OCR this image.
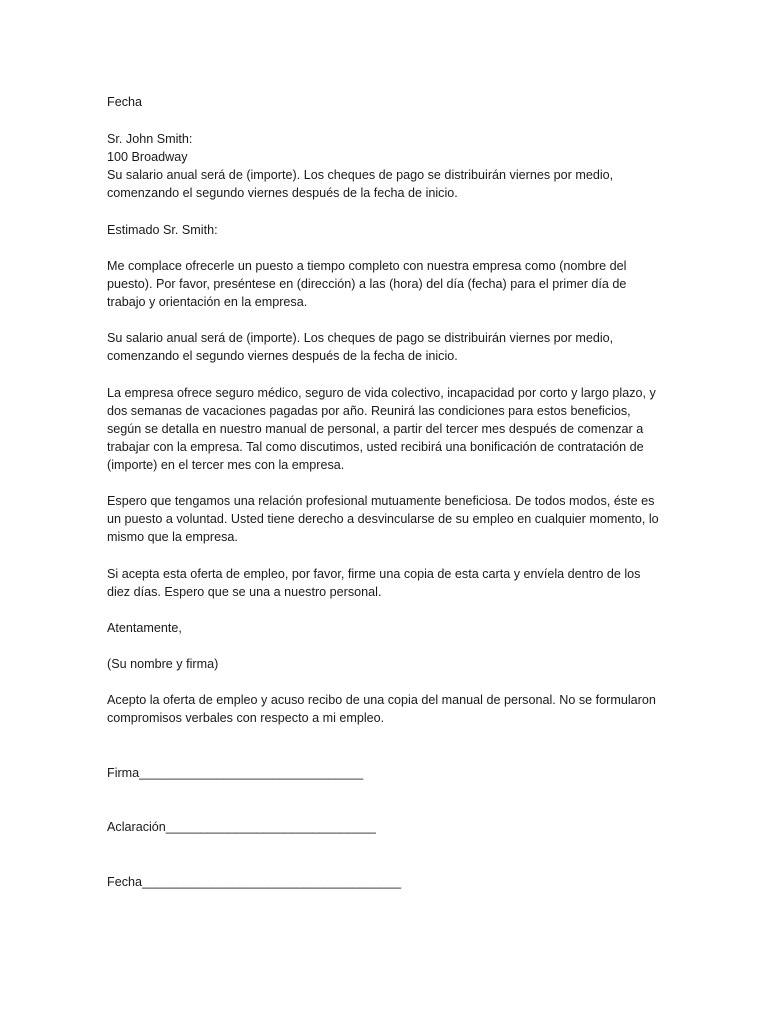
Fecha
Sr. John Smith:
100 Broadway
Su salario anual será de (importe). Los cheques de pago se distribuirán viernes por medio,
comenzando el segundo viernes después de la fecha de inicio.
Estimado Sr. Smith:
Me complace ofrecerle un puesto a tiempo completo con nuestra empresa como (nombre del
puesto). Por favor, preséntese en (dirección) a las (hora) del día (fecha) para el primer día de
trabajo y orientación en la empresa.
Su salario anual será de (importe). Los cheques de pago se distribuirán viernes por medio,
comenzando el segundo viernes después de la fecha de inicio.
La empresa ofrece seguro médico, seguro de vida colectivo, incapacidad por corto y largo plazo, y
dos semanas de vacaciones pagadas por año. Reunirá las condiciones para estos beneficios,
según se detalla en nuestro manual de personal, a partir del tercer mes después de comenzar a
trabajar con la empresa. Tal como discutimos, usted recibirá una bonificación de contratación de
(importe) en el tercer mes con la empresa.
Espero que tengamos una relación profesional mutuamente beneficiosa. De todos modos, éste es
un puesto a voluntad. Usted tiene derecho a desvincularse de su empleo en cualquier momento, lo
mismo que la empresa.
Si acepta esta oferta de empleo, por favor, firme una copia de esta carta y envíela dentro de los
diez días. Espero que se una a nuestro personal.
Atentamente,
(Su nombre y firma)
Acepto la oferta de empleo y acuso recibo de una copia del manual de personal. No se formularon
compromisos verbales con respecto a mi empleo.
Firma________________________________
Aclaración______________________________
Fecha_____________________________________
